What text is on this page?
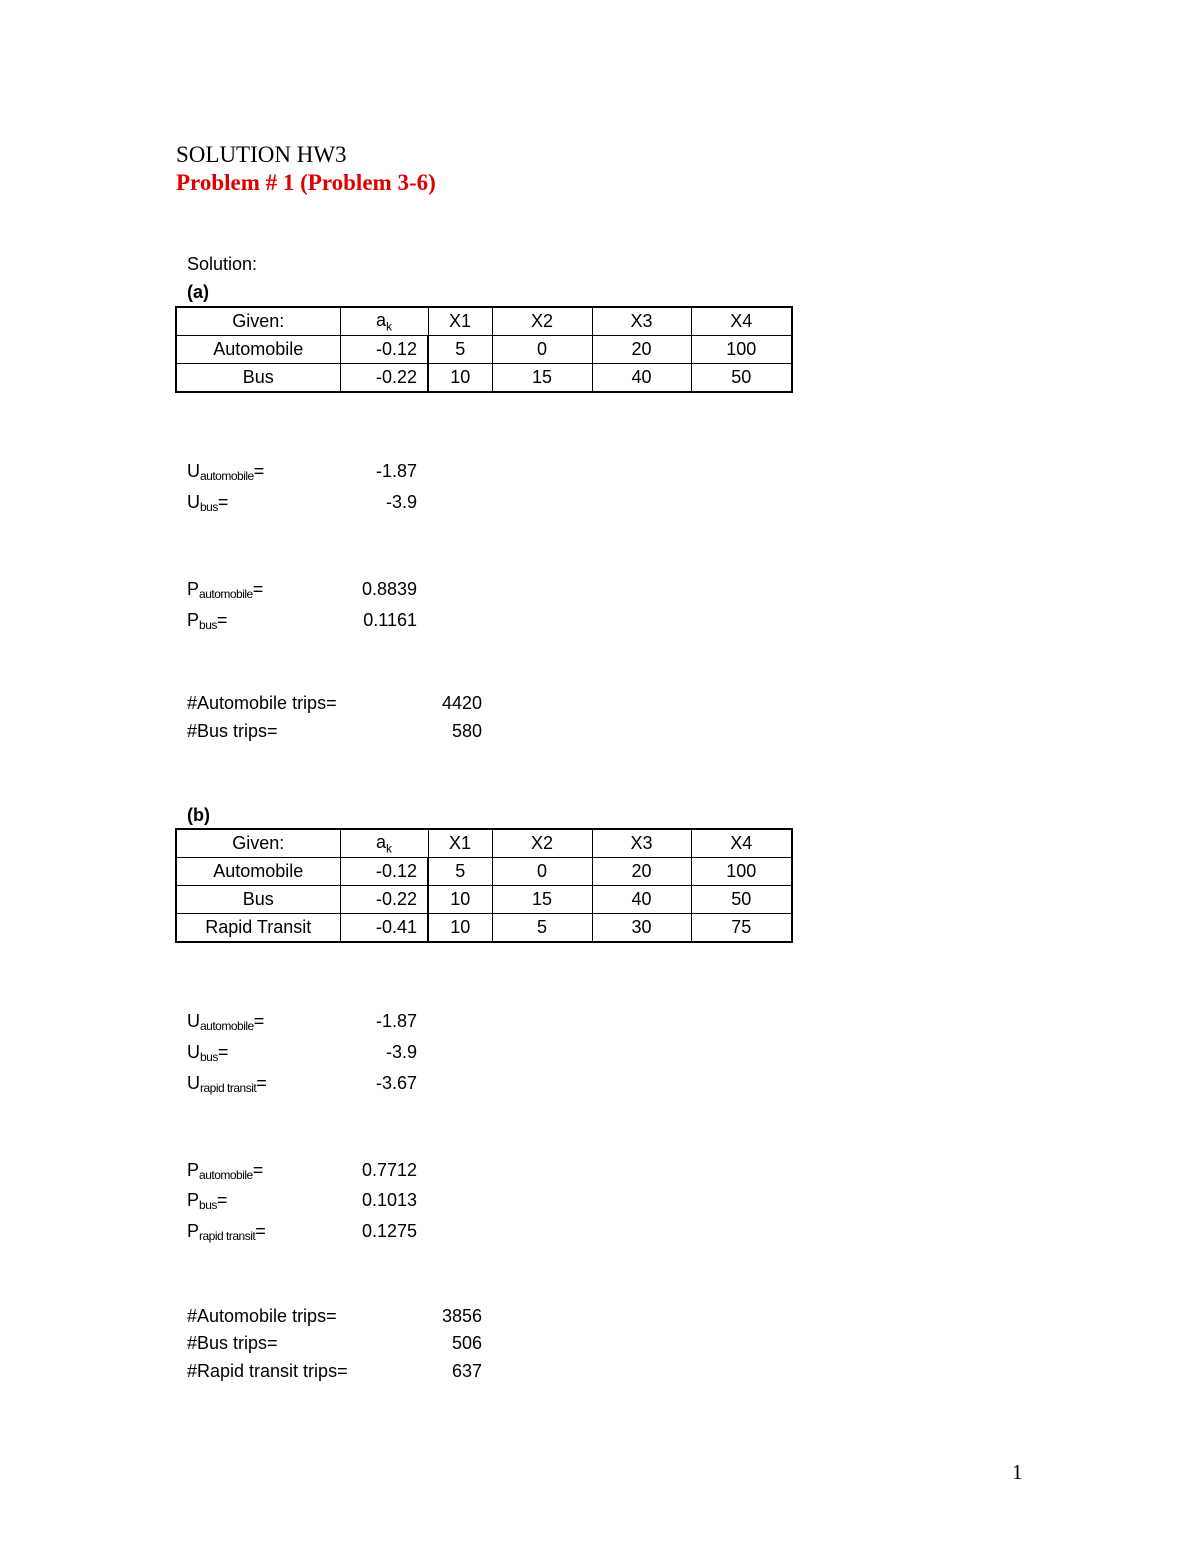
SOLUTION HW3
Problem # 1 (Problem 3-6)
Solution:
(a)
Given:	$a_k$	X1	X2	X3	X4
Automobile	-0.12	5	0	20	100
Bus	-0.22	10	15	40	50
$U_{automobile}=$	-1.87
$U_{bus}=$	-3.9
$P_{automobile}=$	0.8839
$P_{bus}=$	0.1161
#Automobile trips=	4420
#Bus trips=	580
(b)
Given:	$a_k$	X1	X2	X3	X4
Automobile	-0.12	5	0	20	100
Bus	-0.22	10	15	40	50
Rapid Transit	-0.41	10	5	30	75
$U_{automobile}=$	-1.87
$U_{bus}=$	-3.9
$U_{rapid transit}=$	-3.67
$P_{automobile}=$	0.7712
$P_{bus}=$	0.1013
$P_{rapid transit}=$	0.1275
#Automobile trips=	3856
#Bus trips=	506
#Rapid transit trips=	637
1
